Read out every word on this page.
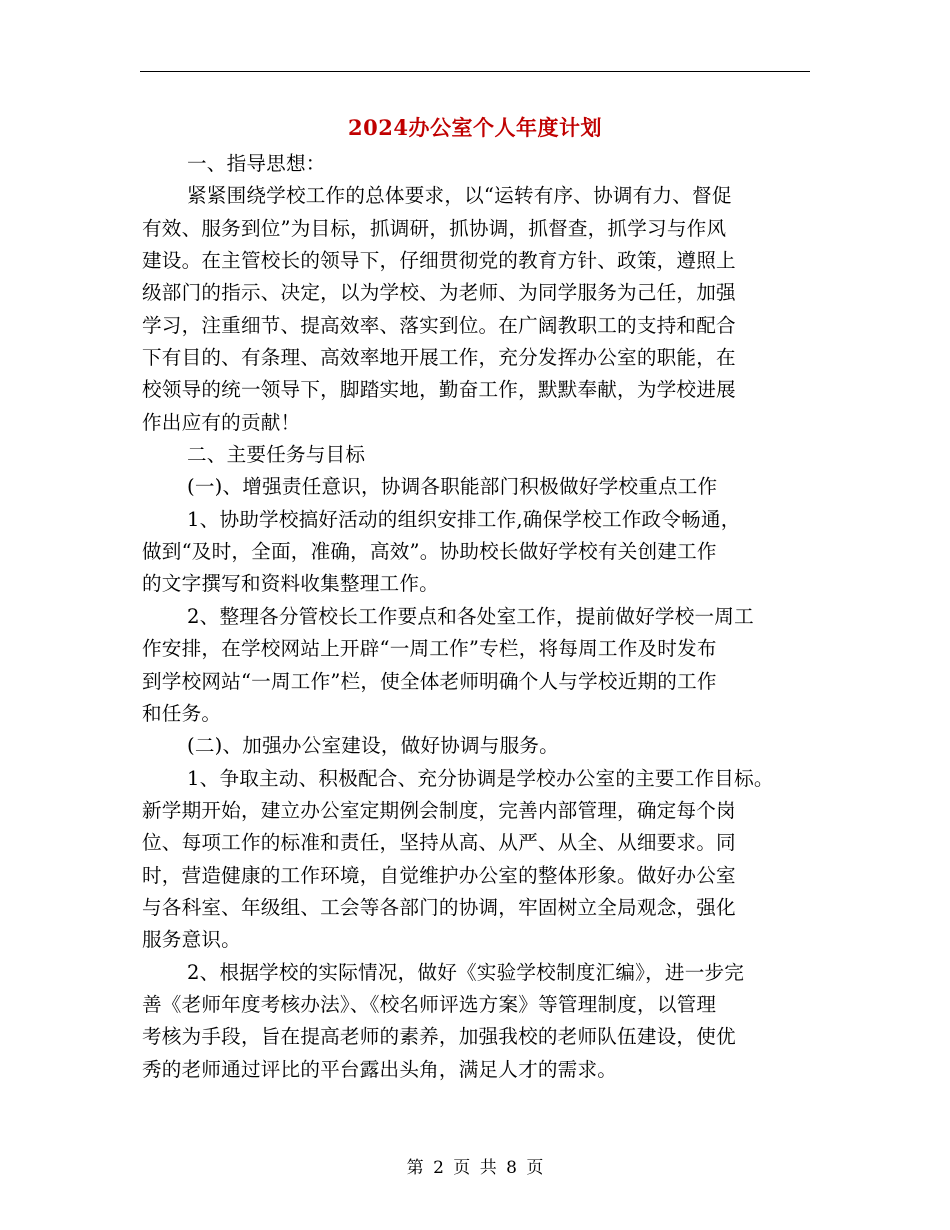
2024办公室个人年度计划
一、指导思想：
紧紧围绕学校工作的总体要求，以“运转有序、协调有力、督促
有效、服务到位”为目标，抓调研，抓协调，抓督查，抓学习与作风
建设。在主管校长的领导下，仔细贯彻党的教育方针、政策，遵照上
级部门的指示、决定，以为学校、为老师、为同学服务为己任，加强
学习，注重细节、提高效率、落实到位。在广阔教职工的支持和配合
下有目的、有条理、高效率地开展工作，充分发挥办公室的职能，在
校领导的统一领导下，脚踏实地，勤奋工作，默默奉献，为学校进展
作出应有的贡献！
二、主要任务与目标
(一)、增强责任意识，协调各职能部门积极做好学校重点工作
1、协助学校搞好活动的组织安排工作,确保学校工作政令畅通，
做到“及时，全面，准确，高效”。协助校长做好学校有关创建工作
的文字撰写和资料收集整理工作。
2、整理各分管校长工作要点和各处室工作，提前做好学校一周工
作安排，在学校网站上开辟“一周工作”专栏，将每周工作及时发布
到学校网站“一周工作”栏，使全体老师明确个人与学校近期的工作
和任务。
(二)、加强办公室建设，做好协调与服务。
1、争取主动、积极配合、充分协调是学校办公室的主要工作目标。
新学期开始，建立办公室定期例会制度，完善内部管理，确定每个岗
位、每项工作的标准和责任，坚持从高、从严、从全、从细要求。同
时，营造健康的工作环境，自觉维护办公室的整体形象。做好办公室
与各科室、年级组、工会等各部门的协调，牢固树立全局观念，强化
服务意识。
2、根据学校的实际情况，做好《实验学校制度汇编》，进一步完
善《老师年度考核办法》、《校名师评选方案》等管理制度，以管理
考核为手段，旨在提高老师的素养，加强我校的老师队伍建设，使优
秀的老师通过评比的平台露出头角，满足人才的需求。
第 2 页 共 8 页
